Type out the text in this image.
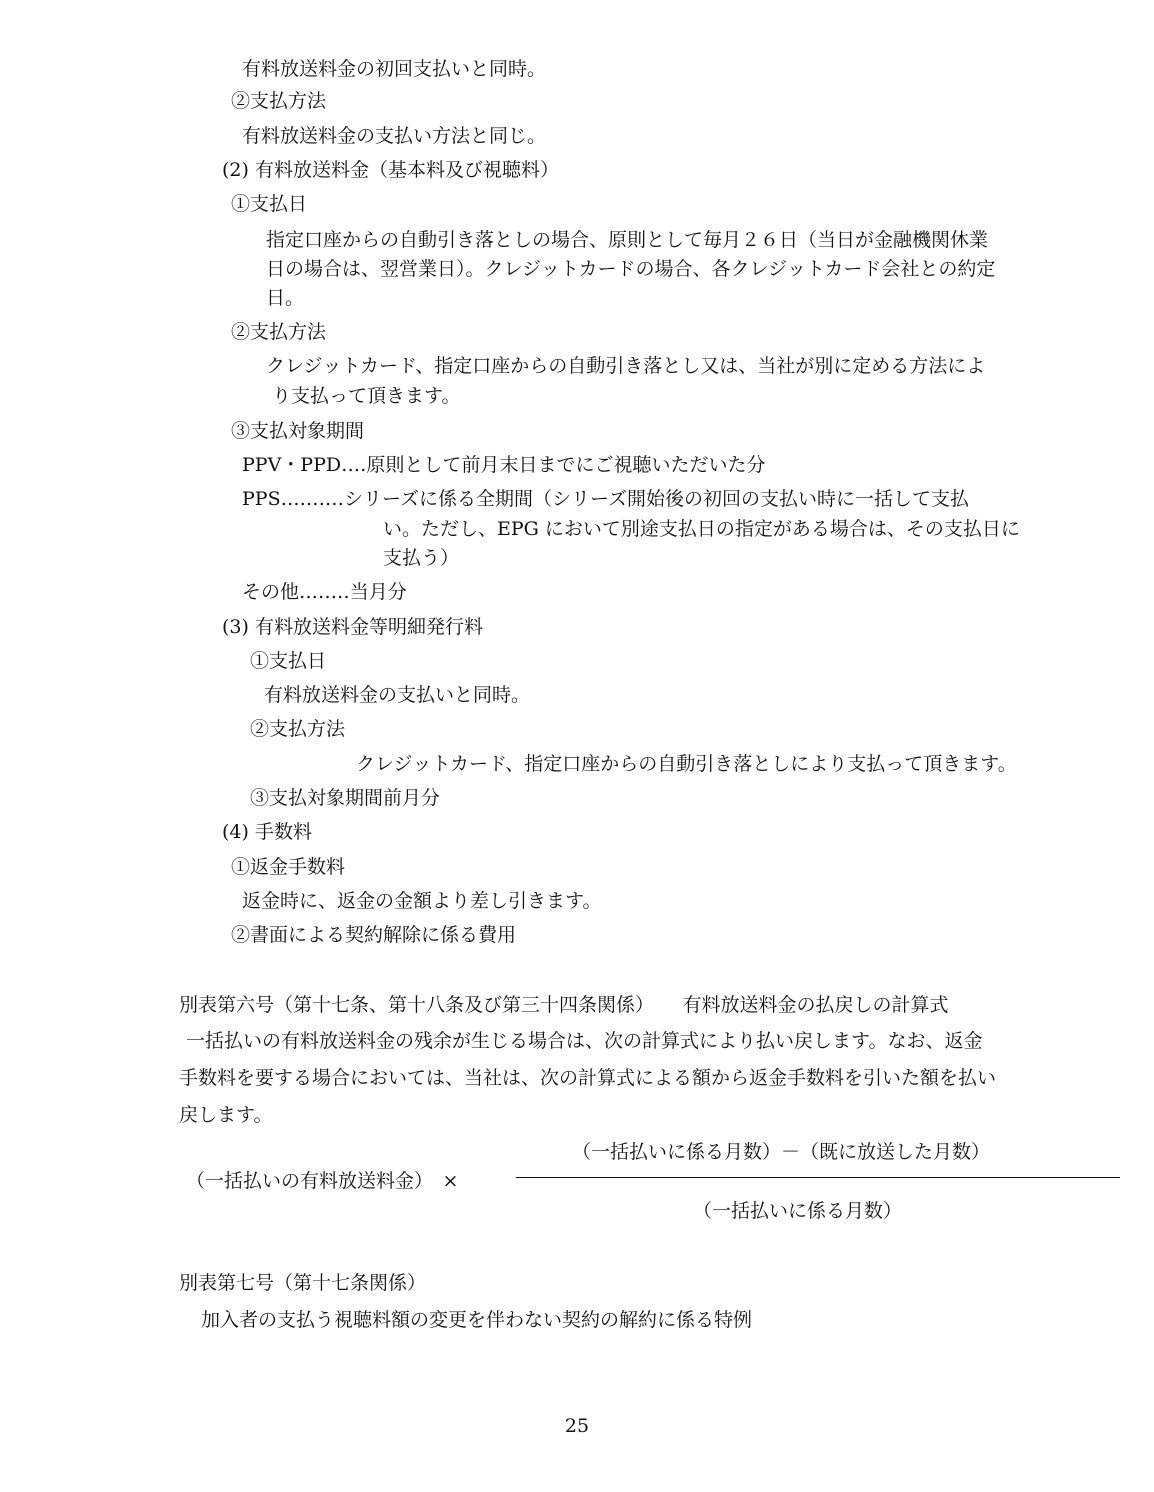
有料放送料金の初回支払いと同時。
②支払方法
有料放送料金の支払い方法と同じ。
(2) 有料放送料金（基本料及び視聴料）
①支払日
指定口座からの自動引き落としの場合、原則として毎月２６日（当日が金融機関休業
日の場合は、翌営業日）。クレジットカードの場合、各クレジットカード会社との約定
日。
②支払方法
クレジットカード、指定口座からの自動引き落とし又は、当社が別に定める方法によ
り支払って頂きます。
③支払対象期間
PPV・PPD‥‥原則として前月末日までにご視聴いただいた分
PPS‥‥‥‥‥シリーズに係る全期間（シリーズ開始後の初回の支払い時に一括して支払
い。ただし、EPG において別途支払日の指定がある場合は、その支払日に
支払う）
その他‥‥‥‥当月分
(3) 有料放送料金等明細発行料
①支払日
有料放送料金の支払いと同時。
②支払方法
クレジットカード、指定口座からの自動引き落としにより支払って頂きます。
③支払対象期間前月分
(4) 手数料
①返金手数料
返金時に、返金の金額より差し引きます。
②書面による契約解除に係る費用
別表第六号（第十七条、第十八条及び第三十四条関係）　　有料放送料金の払戻しの計算式
一括払いの有料放送料金の残余が生じる場合は、次の計算式により払い戻します。なお、返金
手数料を要する場合においては、当社は、次の計算式による額から返金手数料を引いた額を払い
戻します。
（一括払いに係る月数）－（既に放送した月数）
（一括払いの有料放送料金）　×
（一括払いに係る月数）
別表第七号（第十七条関係）
加入者の支払う視聴料額の変更を伴わない契約の解約に係る特例
25
